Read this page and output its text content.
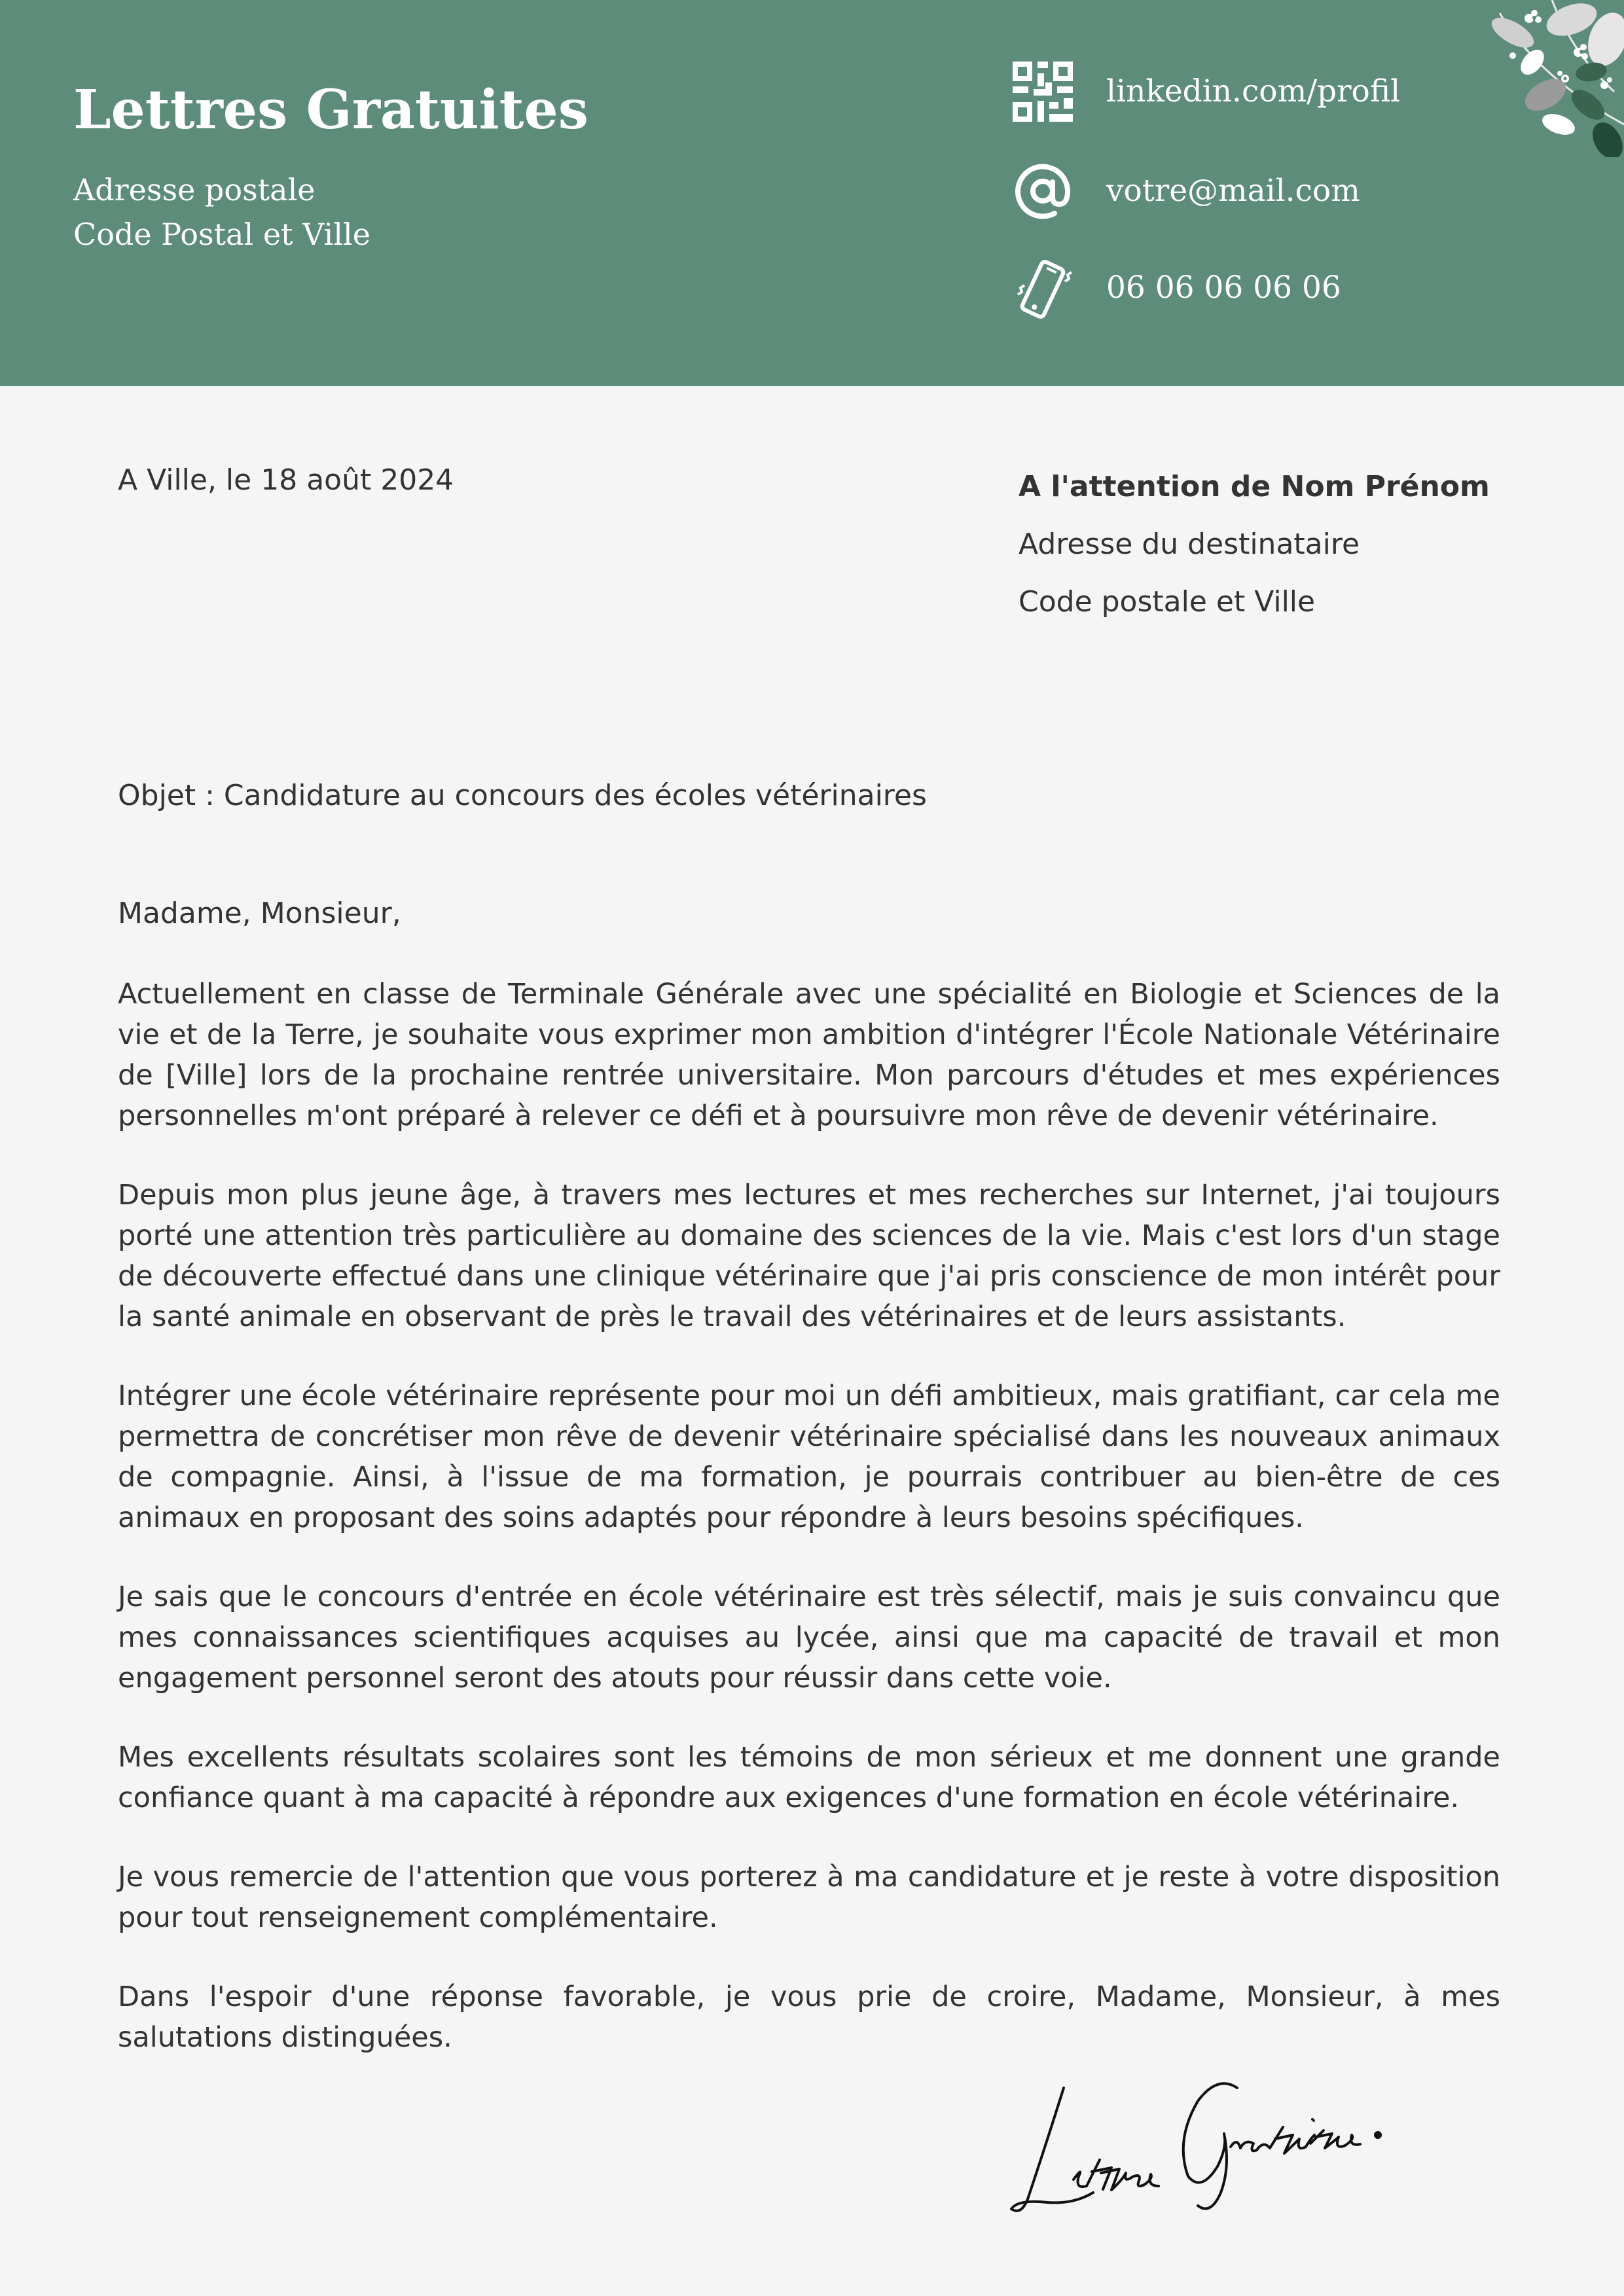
Lettres Gratuites
Adresse postale
Code Postal et Ville
linkedin.com/profil
votre@mail.com
06 06 06 06 06
A Ville, le 18 août 2024	A l'attention de Nom Prénom
Adresse du destinataire
Code postale et Ville
Objet : Candidature au concours des écoles vétérinaires
Madame, Monsieur,

Actuellement en classe de Terminale Générale avec une spécialité en Biologie et Sciences de la vie et de la Terre, je souhaite vous exprimer mon ambition d'intégrer l'École Nationale Vétérinaire de [Ville] lors de la prochaine rentrée universitaire. Mon parcours d'études et mes expériences personnelles m'ont préparé à relever ce défi et à poursuivre mon rêve de devenir vétérinaire.

Depuis mon plus jeune âge, à travers mes lectures et mes recherches sur Internet, j'ai toujours porté une attention très particulière au domaine des sciences de la vie. Mais c'est lors d'un stage de découverte effectué dans une clinique vétérinaire que j'ai pris conscience de mon intérêt pour la santé animale en observant de près le travail des vétérinaires et de leurs assistants.

Intégrer une école vétérinaire représente pour moi un défi ambitieux, mais gratifiant, car cela me permettra de concrétiser mon rêve de devenir vétérinaire spécialisé dans les nouveaux animaux de compagnie. Ainsi, à l'issue de ma formation, je pourrais contribuer au bien-être de ces animaux en proposant des soins adaptés pour répondre à leurs besoins spécifiques.

Je sais que le concours d'entrée en école vétérinaire est très sélectif, mais je suis convaincu que mes connaissances scientifiques acquises au lycée, ainsi que ma capacité de travail et mon engagement personnel seront des atouts pour réussir dans cette voie.

Mes excellents résultats scolaires sont les témoins de mon sérieux et me donnent une grande confiance quant à ma capacité à répondre aux exigences d'une formation en école vétérinaire.

Je vous remercie de l'attention que vous porterez à ma candidature et je reste à votre disposition pour tout renseignement complémentaire.

Dans l'espoir d'une réponse favorable, je vous prie de croire, Madame, Monsieur, à mes salutations distinguées.
